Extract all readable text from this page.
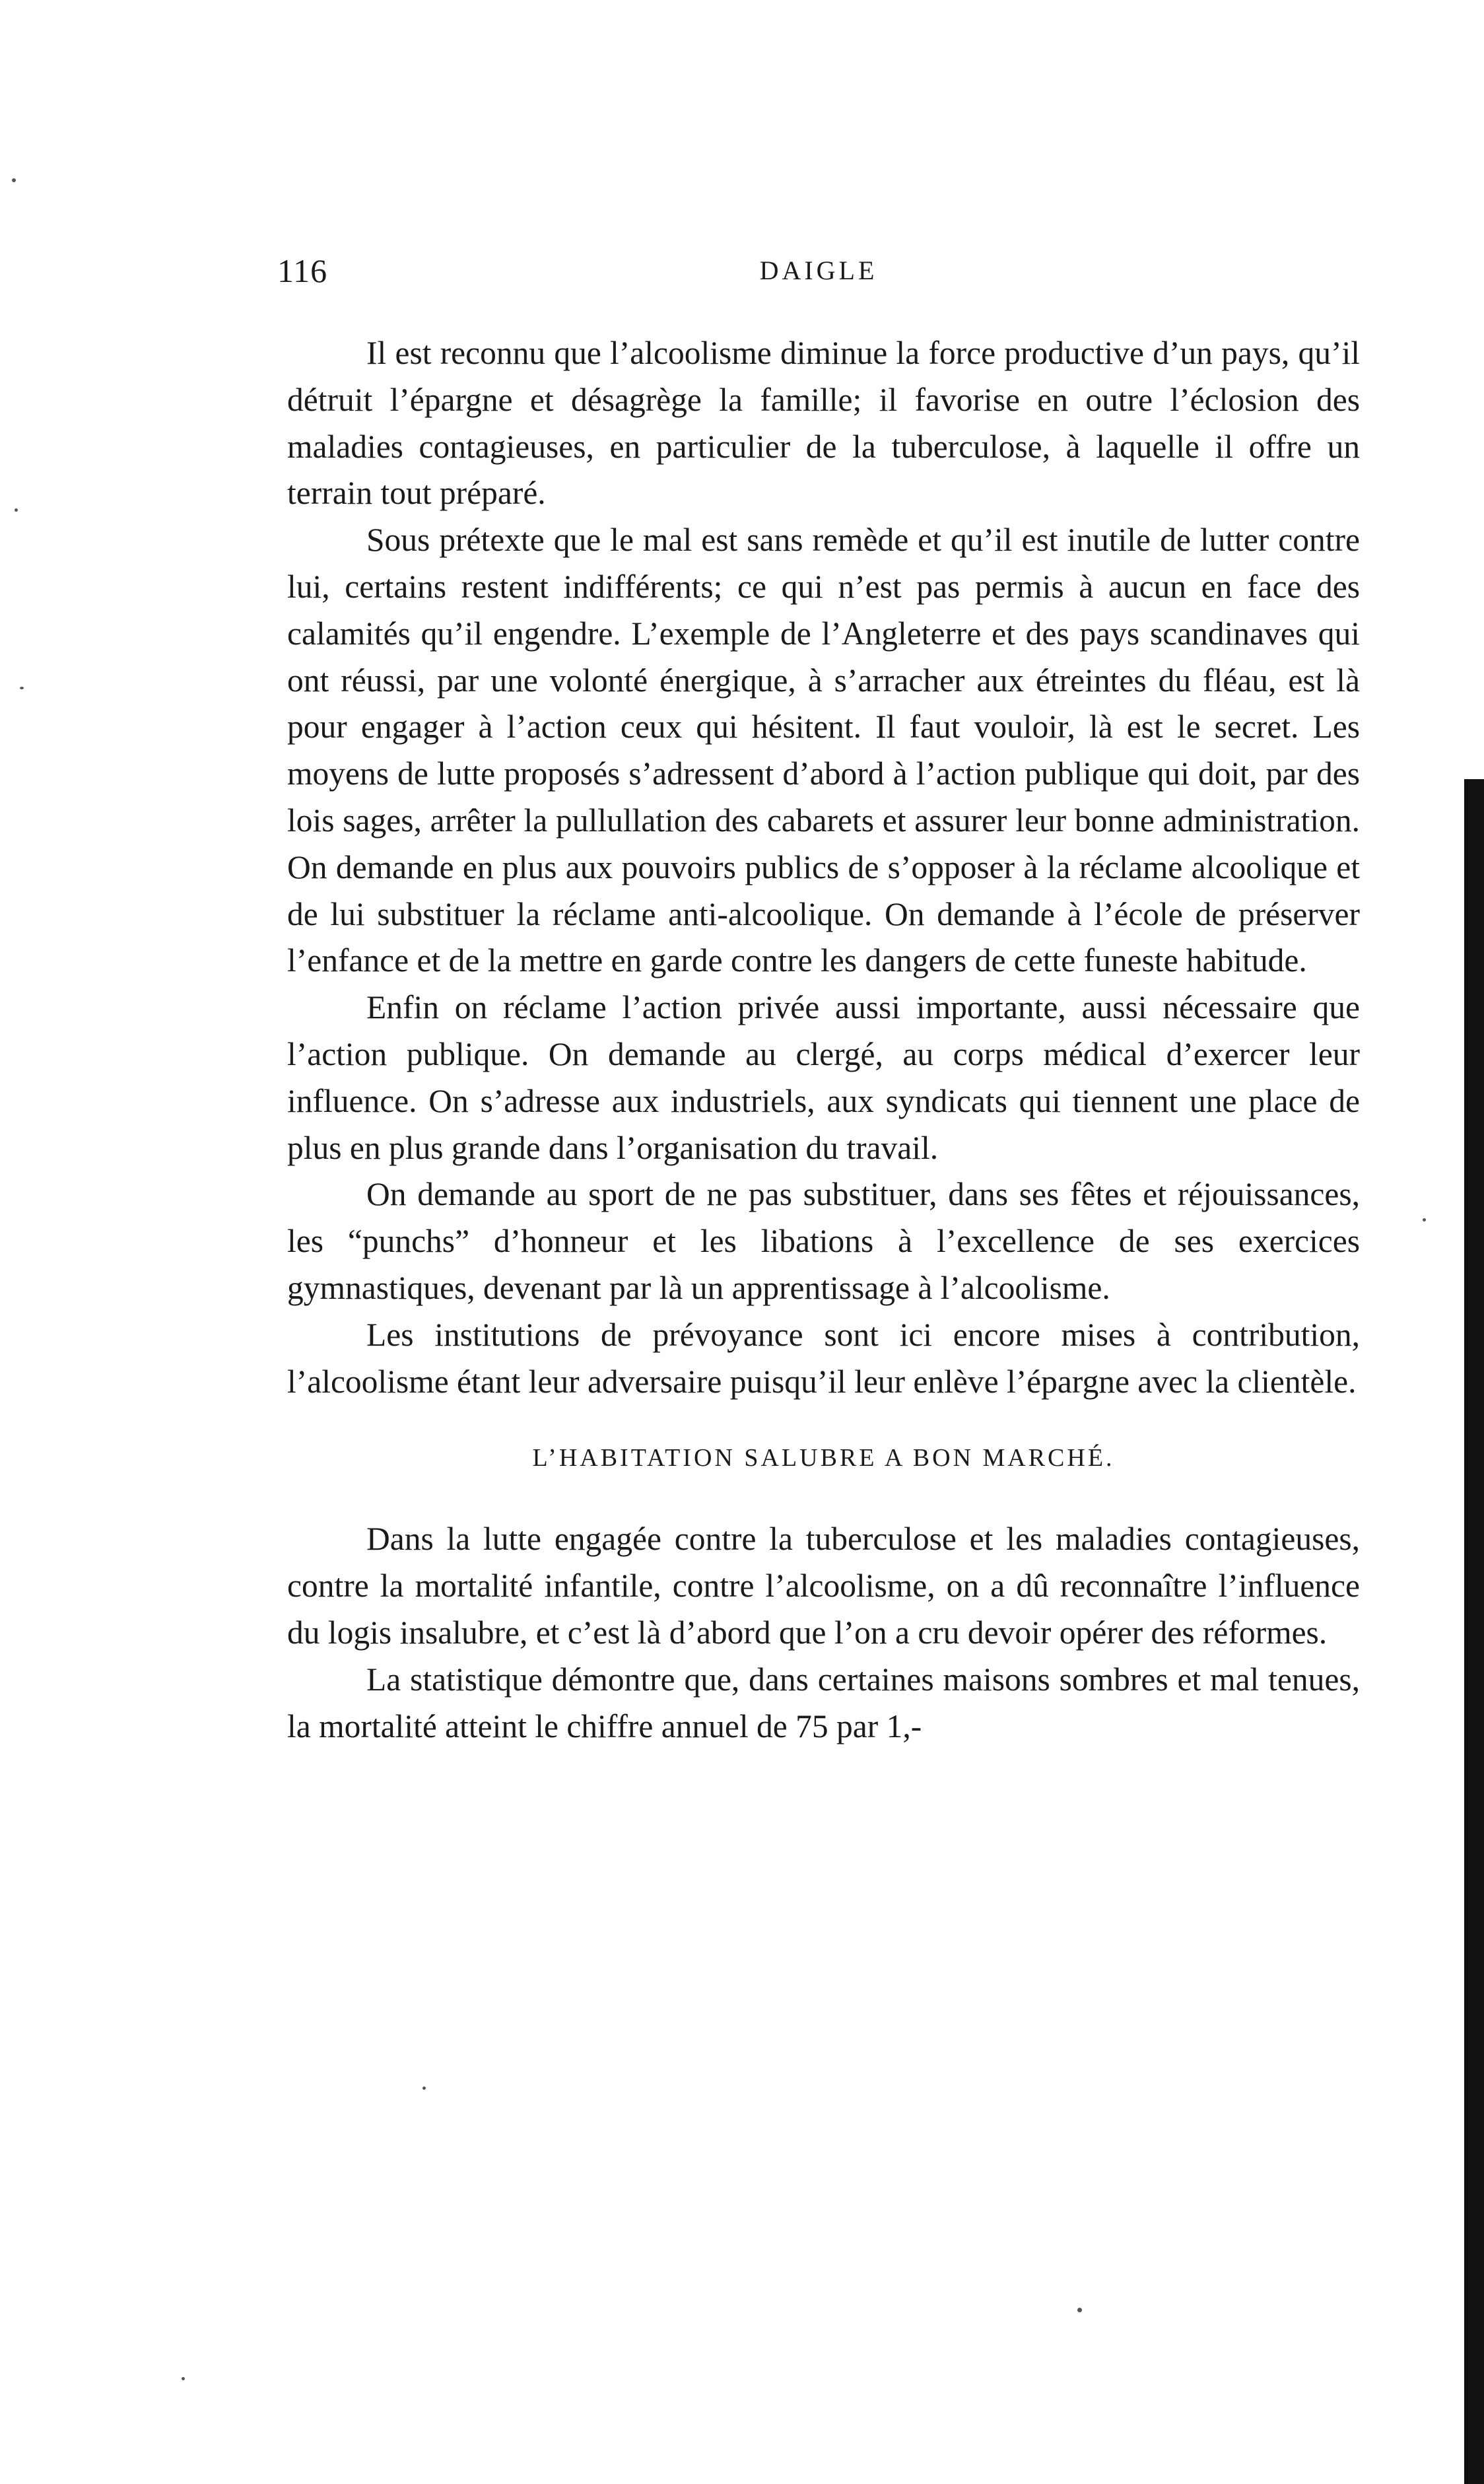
116	DAIGLE

Il est reconnu que l’alcoolisme diminue la force productive d’un pays, qu’il détruit l’épargne et désagrège la famille; il favorise en outre l’éclosion des maladies contagieuses, en particulier de la tuberculose, à laquelle il offre un terrain tout préparé.

Sous prétexte que le mal est sans remède et qu’il est inutile de lutter contre lui, certains restent indifférents; ce qui n’est pas permis à aucun en face des calamités qu’il engendre. L’exemple de l’Angleterre et des pays scandinaves qui ont réussi, par une volonté énergique, à s’arracher aux étreintes du fléau, est là pour engager à l’action ceux qui hésitent. Il faut vouloir, là est le secret. Les moyens de lutte proposés s’adressent d’abord à l’action publique qui doit, par des lois sages, arrêter la pullullation des cabarets et assurer leur bonne administration. On demande en plus aux pouvoirs publics de s’opposer à la réclame alcoolique et de lui substituer la réclame anti-alcoolique. On demande à l’école de préserver l’enfance et de la mettre en garde contre les dangers de cette funeste habitude.

Enfin on réclame l’action privée aussi importante, aussi nécessaire que l’action publique. On demande au clergé, au corps médical d’exercer leur influence. On s’adresse aux industriels, aux syndicats qui tiennent une place de plus en plus grande dans l’organisation du travail.

On demande au sport de ne pas substituer, dans ses fêtes et réjouissances, les “punchs” d’honneur et les libations à l’excellence de ses exercices gymnastiques, devenant par là un apprentissage à l’alcoolisme.

Les institutions de prévoyance sont ici encore mises à contribution, l’alcoolisme étant leur adversaire puisqu’il leur enlève l’épargne avec la clientèle.

L’HABITATION SALUBRE A BON MARCHÉ.

Dans la lutte engagée contre la tuberculose et les maladies contagieuses, contre la mortalité infantile, contre l’alcoolisme, on a dû reconnaître l’influence du logis insalubre, et c’est là d’abord que l’on a cru devoir opérer des réformes.

La statistique démontre que, dans certaines maisons sombres et mal tenues, la mortalité atteint le chiffre annuel de 75 par 1,-
